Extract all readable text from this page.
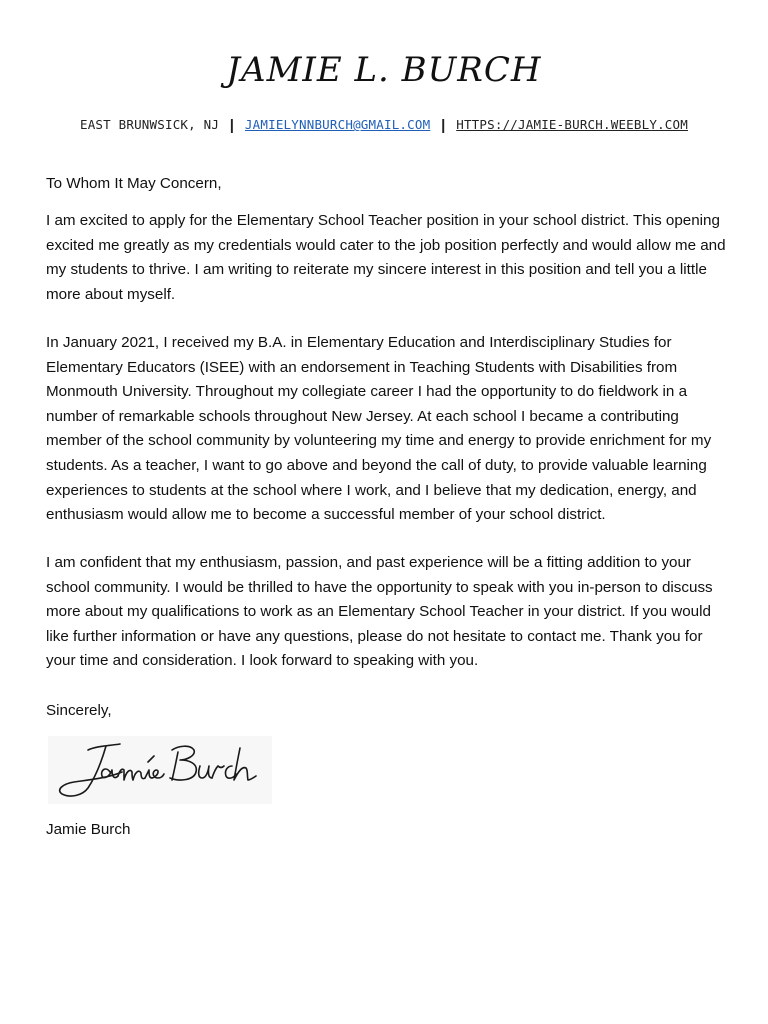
JAMIE L. BURCH
EAST BRUNWSICK, NJ | JAMIELYNNBURCH@GMAIL.COM | HTTPS://JAMIE-BURCH.WEEBLY.COM

To Whom It May Concern,

I am excited to apply for the Elementary School Teacher position in your school district. This opening excited me greatly as my credentials would cater to the job position perfectly and would allow me and my students to thrive. I am writing to reiterate my sincere interest in this position and tell you a little more about myself.

In January 2021, I received my B.A. in Elementary Education and Interdisciplinary Studies for Elementary Educators (ISEE) with an endorsement in Teaching Students with Disabilities from Monmouth University. Throughout my collegiate career I had the opportunity to do fieldwork in a number of remarkable schools throughout New Jersey. At each school I became a contributing member of the school community by volunteering my time and energy to provide enrichment for my students. As a teacher, I want to go above and beyond the call of duty, to provide valuable learning experiences to students at the school where I work, and I believe that my dedication, energy, and enthusiasm would allow me to become a successful member of your school district.

I am confident that my enthusiasm, passion, and past experience will be a fitting addition to your school community. I would be thrilled to have the opportunity to speak with you in-person to discuss more about my qualifications to work as an Elementary School Teacher in your district. If you would like further information or have any questions, please do not hesitate to contact me. Thank you for your time and consideration. I look forward to speaking with you.

Sincerely,

Jamie Burch
